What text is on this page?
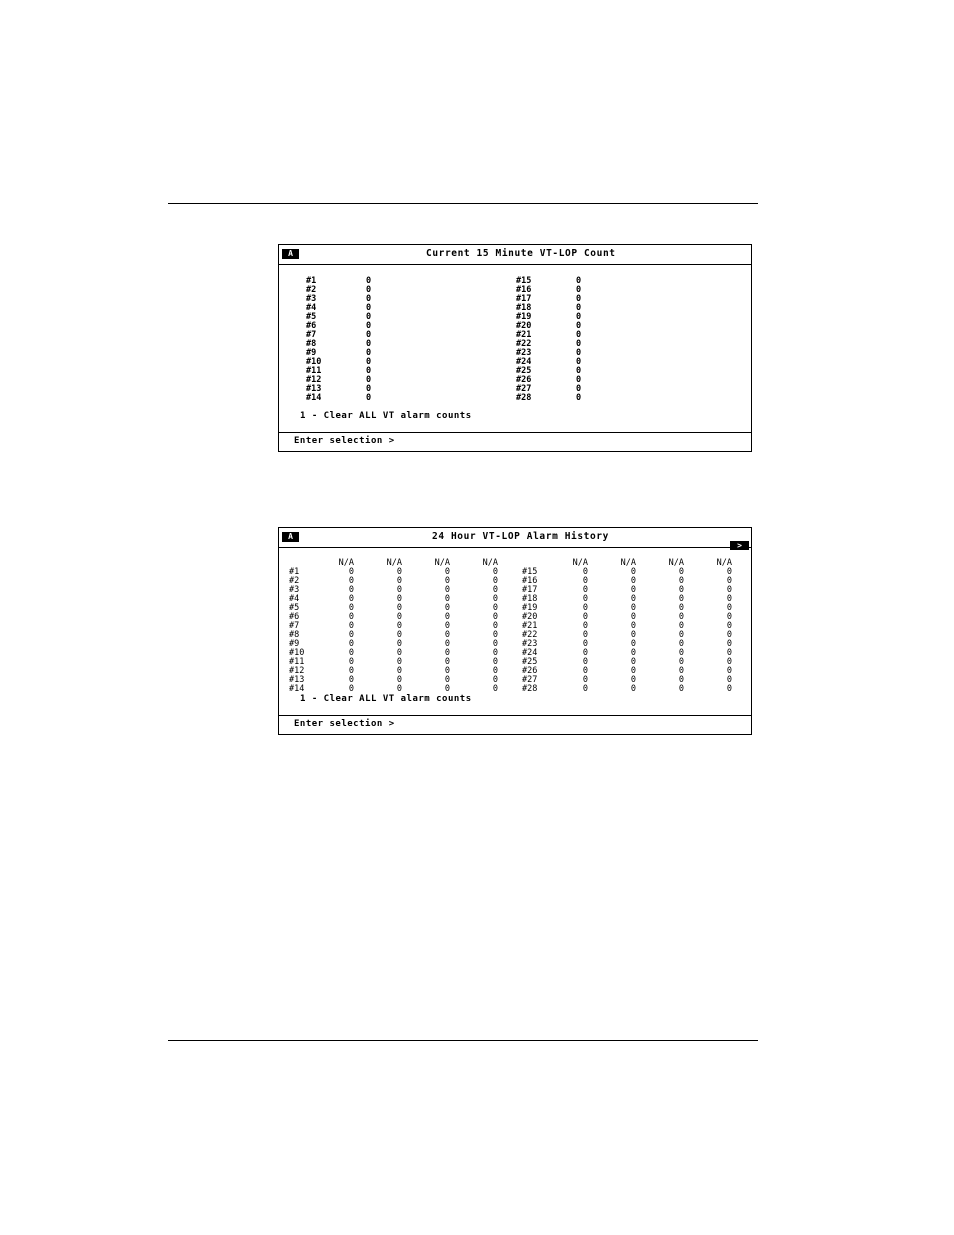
A	Current 15 Minute VT-LOP Count
#1	0
#2	0
#3	0
#4	0
#5	0
#6	0
#7	0
#8	0
#9	0
#10	0
#11	0
#12	0
#13	0
#14	0
#15	0
#16	0
#17	0
#18	0
#19	0
#20	0
#21	0
#22	0
#23	0
#24	0
#25	0
#26	0
#27	0
#28	0
1 - Clear ALL VT alarm counts
Enter selection >
A	24 Hour VT-LOP Alarm History
>
N/A	N/A	N/A	N/A	N/A	N/A	N/A	N/A
#1	0	0	0	0
#2	0	0	0	0
#3	0	0	0	0
#4	0	0	0	0
#5	0	0	0	0
#6	0	0	0	0
#7	0	0	0	0
#8	0	0	0	0
#9	0	0	0	0
#10	0	0	0	0
#11	0	0	0	0
#12	0	0	0	0
#13	0	0	0	0
#14	0	0	0	0
#15	0	0	0	0
#16	0	0	0	0
#17	0	0	0	0
#18	0	0	0	0
#19	0	0	0	0
#20	0	0	0	0
#21	0	0	0	0
#22	0	0	0	0
#23	0	0	0	0
#24	0	0	0	0
#25	0	0	0	0
#26	0	0	0	0
#27	0	0	0	0
#28	0	0	0	0
1 - Clear ALL VT alarm counts
Enter selection >
